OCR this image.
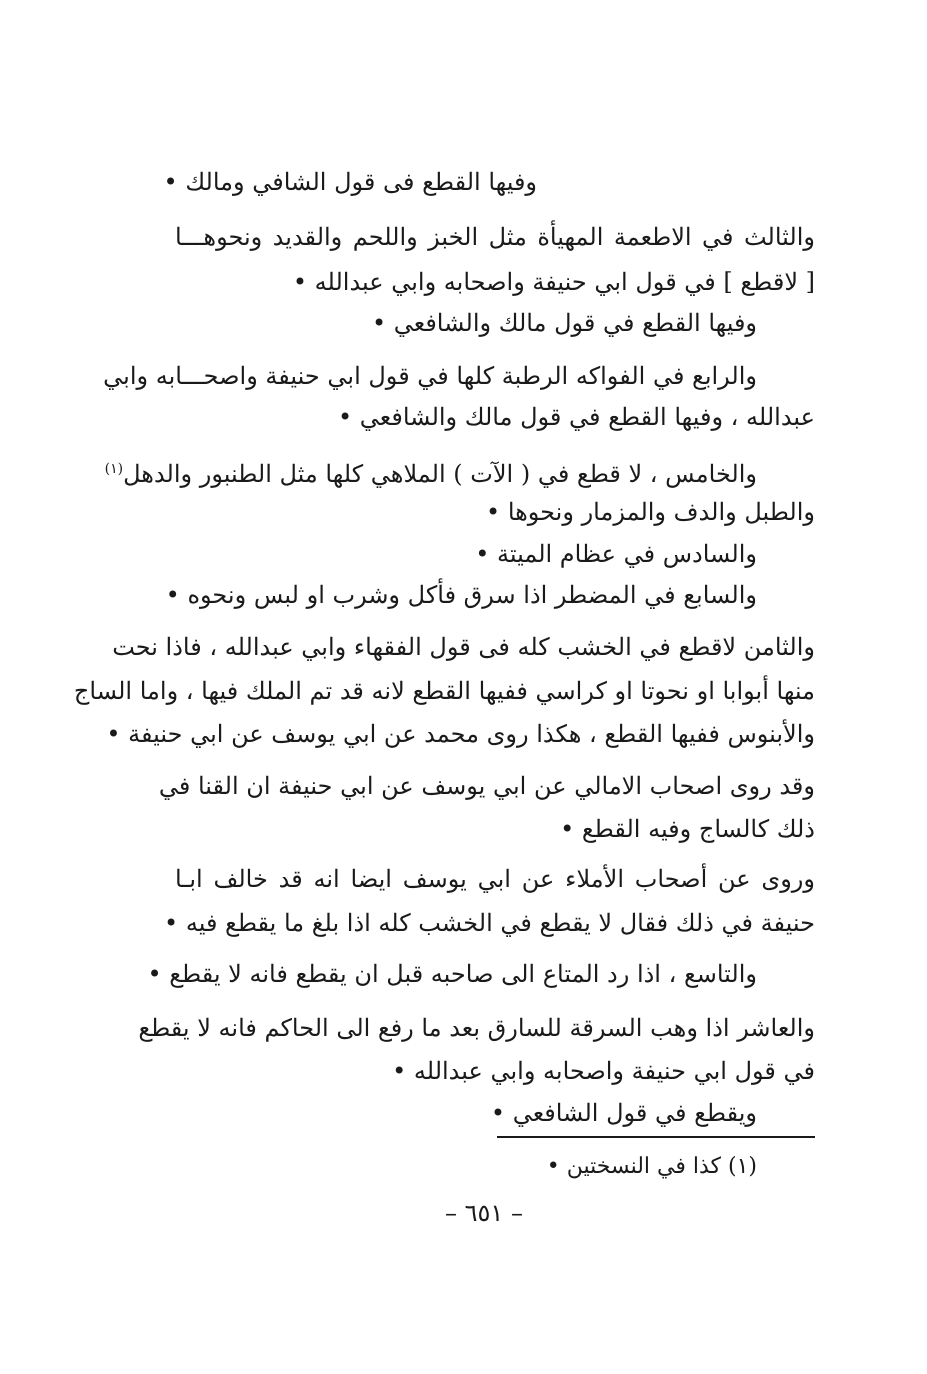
وفيها القطع فى قول الشافي ومالك •
والثالث في الاطعمة المهيأة مثل الخبز واللحم والقديد ونحوهـــا
[ لاقطع ] في قول ابي حنيفة واصحابه وابي عبدالله •
وفيها القطع في قول مالك والشافعي •
والرابع في الفواكه الرطبة كلها في قول ابي حنيفة واصحـــابه وابي
عبدالله ، وفيها القطع في قول مالك والشافعي •
والخامس ، لا قطع في ( الآت ) الملاهي كلها مثل الطنبور والدهل$^{(١)}$
والطبل والدف والمزمار ونحوها •
والسادس في عظام الميتة •
والسابع في المضطر اذا سرق فأكل وشرب او لبس ونحوه •
والثامن لاقطع في الخشب كله فى قول الفقهاء وابي عبدالله ، فاذا نحت
منها أبوابا او نحوتا او كراسي ففيها القطع لانه قد تم الملك فيها ، واما الساج
والأبنوس ففيها القطع ، هكذا روى محمد عن ابي يوسف عن ابي حنيفة •
وقد روى اصحاب الامالي عن ابي يوسف عن ابي حنيفة ان القنا في
ذلك كالساج وفيه القطع •
وروى عن أصحاب الأملاء عن ابي يوسف ايضا انه قد خالف ابـا
حنيفة في ذلك فقال لا يقطع في الخشب كله اذا بلغ ما يقطع فيه •
والتاسع ، اذا رد المتاع الى صاحبه قبل ان يقطع فانه لا يقطع •
والعاشر اذا وهب السرقة للسارق بعد ما رفع الى الحاكم فانه لا يقطع
في قول ابي حنيفة واصحابه وابي عبدالله •
ويقطع في قول الشافعي •
(١) كذا في النسختين •
– ٦٥١ –
